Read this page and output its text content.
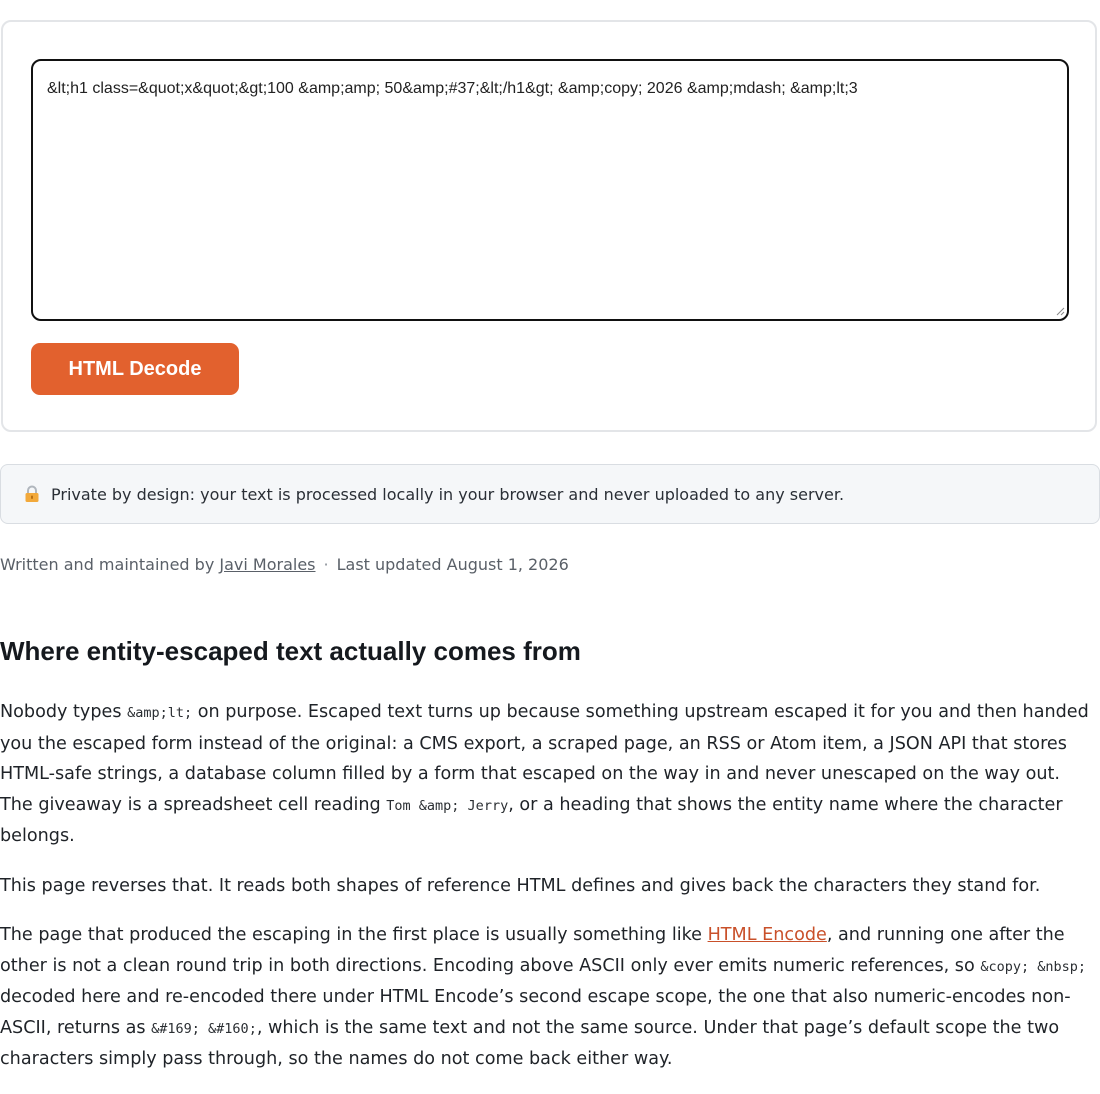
&lt;h1 class=&quot;x&quot;&gt;100 &amp;amp; 50&amp;#37;&lt;/h1&gt; &amp;copy; 2026 &amp;mdash; &amp;lt;3
HTML Decode
Private by design: your text is processed locally in your browser and never uploaded to any server.
Written and maintained by Javi Morales · Last updated August 1, 2026
Where entity-escaped text actually comes from

Nobody types &amp;lt; on purpose. Escaped text turns up because something upstream escaped it for you and then handed you the escaped form instead of the original: a CMS export, a scraped page, an RSS or Atom item, a JSON API that stores HTML-safe strings, a database column filled by a form that escaped on the way in and never unescaped on the way out. The giveaway is a spreadsheet cell reading Tom &amp; Jerry, or a heading that shows the entity name where the character belongs.

This page reverses that. It reads both shapes of reference HTML defines and gives back the characters they stand for.

The page that produced the escaping in the first place is usually something like HTML Encode, and running one after the other is not a clean round trip in both directions. Encoding above ASCII only ever emits numeric references, so &copy; &nbsp; decoded here and re-encoded there under HTML Encode’s second escape scope, the one that also numeric-encodes non-ASCII, returns as &#169; &#160;, which is the same text and not the same source. Under that page’s default scope the two characters simply pass through, so the names do not come back either way.
